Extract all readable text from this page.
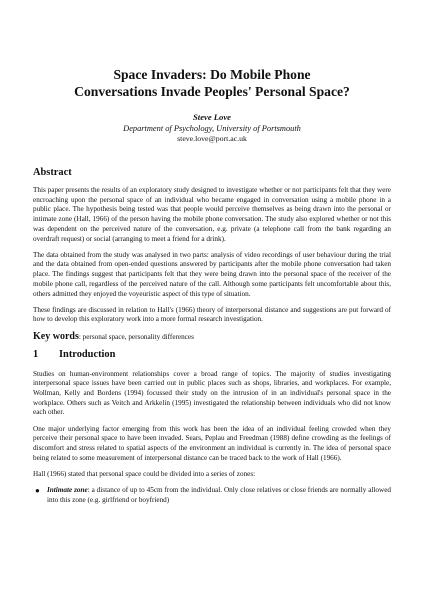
Space Invaders: Do Mobile Phone
Conversations Invade Peoples' Personal Space?
Steve Love
Department of Psychology, University of Portsmouth
steve.love@port.ac.uk
Abstract

This paper presents the results of an exploratory study designed to investigate whether or not participants felt that they were encroaching upon the personal space of an individual who became engaged in conversation using a mobile phone in a public place. The hypothesis being tested was that people would perceive themselves as being drawn into the personal or intimate zone (Hall, 1966) of the person having the mobile phone conversation. The study also explored whether or not this was dependent on the perceived nature of the conversation, e.g. private (a telephone call from the bank regarding an overdraft request) or social (arranging to meet a friend for a drink).

The data obtained from the study was analysed in two parts: analysis of video recordings of user behaviour during the trial and the data obtained from open-ended questions answered by participants after the mobile phone conversation had taken place. The findings suggest that participants felt that they were being drawn into the personal space of the receiver of the mobile phone call, regardless of the perceived nature of the call. Although some participants felt uncomfortable about this, others admitted they enjoyed the voyeuristic aspect of this type of situation.

These findings are discussed in relation to Hall's (1966) theory of interpersonal distance and suggestions are put forward of how to develop this exploratory work into a more formal research investigation.

Key words: personal space, personality differences
1	Introduction

Studies on human-environment relationships cover a broad range of topics. The majority of studies investigating interpersonal space issues have been carried out in public places such as shops, libraries, and workplaces. For example, Wollman, Kelly and Bordens (1994) focussed their study on the intrusion of in an individual's personal space in the workplace. Others such as Veitch and Arkkelin (1995) investigated the relationship between individuals who did not know each other.

One major underlying factor emerging from this work has been the idea of an individual feeling crowded when they perceive their personal space to have been invaded. Sears, Peplau and Freedman (1988) define crowding as the feelings of discomfort and stress related to spatial aspects of the environment an individual is currently in. The idea of personal space being related to some measurement of interpersonal distance can be traced back to the work of Hall (1966).

Hall (1966) stated that personal space could be divided into a series of zones:

● Intimate zone: a distance of up to 45cm from the individual. Only close relatives or close friends are normally allowed into this zone (e.g. girlfriend or boyfriend)
